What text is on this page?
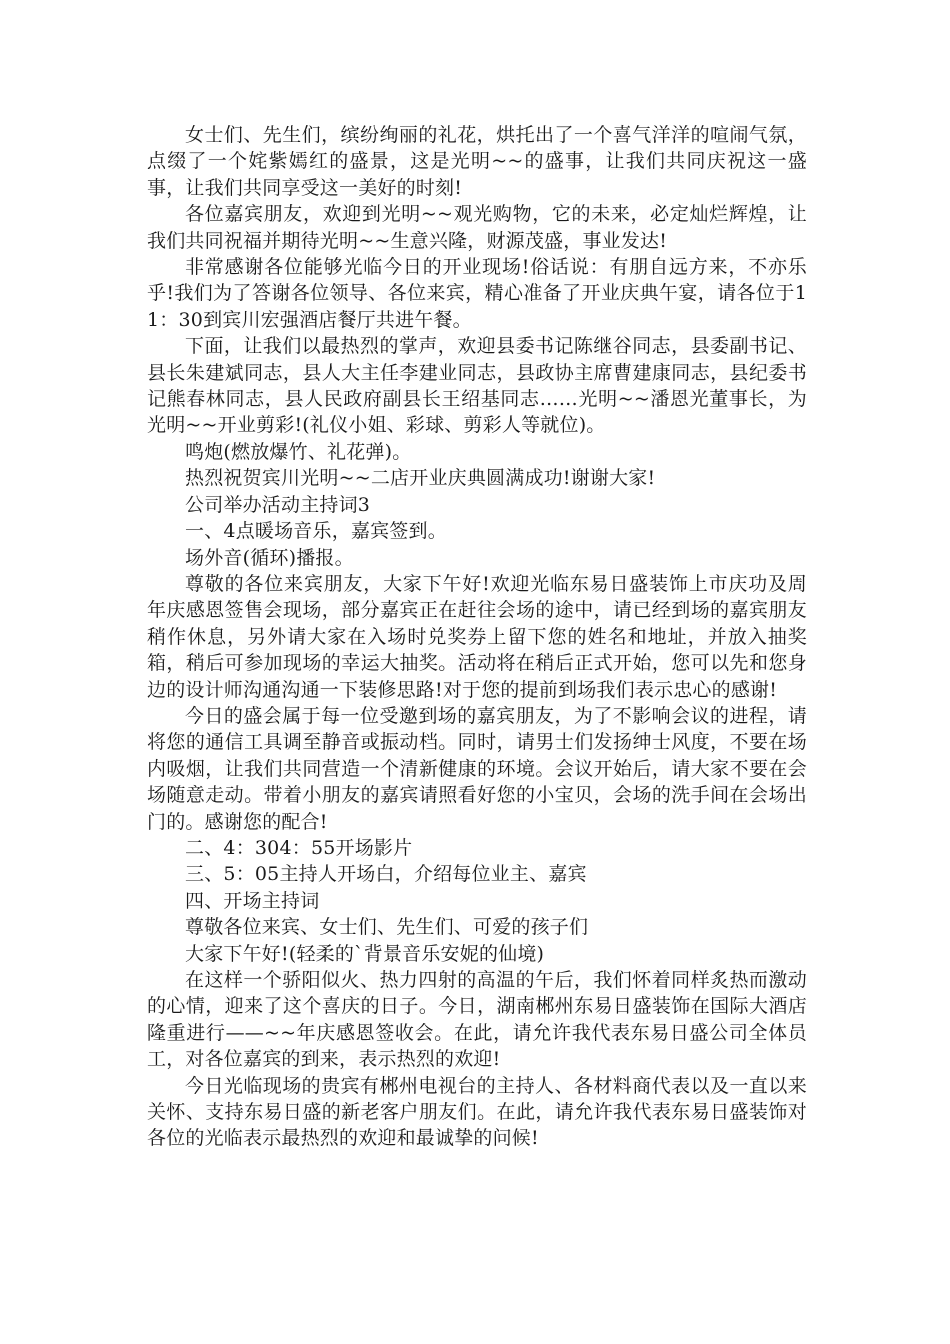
女士们、先生们，缤纷绚丽的礼花，烘托出了一个喜气洋洋的喧闹气氛，点缀了一个姹紫嫣红的盛景，这是光明~~的盛事，让我们共同庆祝这一盛事，让我们共同享受这一美好的时刻!

各位嘉宾朋友，欢迎到光明~~观光购物，它的未来，必定灿烂辉煌，让我们共同祝福并期待光明~~生意兴隆，财源茂盛，事业发达!

非常感谢各位能够光临今日的开业现场!俗话说：有朋自远方来，不亦乐乎!我们为了答谢各位领导、各位来宾，精心准备了开业庆典午宴，请各位于11：30到宾川宏强酒店餐厅共进午餐。

下面，让我们以最热烈的掌声，欢迎县委书记陈继谷同志，县委副书记、县长朱建斌同志，县人大主任李建业同志，县政协主席曹建康同志，县纪委书记熊春林同志，县人民政府副县长王绍基同志……光明~~潘恩光董事长，为光明~~开业剪彩!(礼仪小姐、彩球、剪彩人等就位)。

鸣炮(燃放爆竹、礼花弹)。

热烈祝贺宾川光明~~二店开业庆典圆满成功!谢谢大家!

公司举办活动主持词3

一、4点暖场音乐，嘉宾签到。

场外音(循环)播报。

尊敬的各位来宾朋友，大家下午好!欢迎光临东易日盛装饰上市庆功及周年庆感恩签售会现场，部分嘉宾正在赶往会场的途中，请已经到场的嘉宾朋友稍作休息，另外请大家在入场时兑奖券上留下您的姓名和地址，并放入抽奖箱，稍后可参加现场的幸运大抽奖。活动将在稍后正式开始，您可以先和您身边的设计师沟通沟通一下装修思路!对于您的提前到场我们表示忠心的感谢!

今日的盛会属于每一位受邀到场的嘉宾朋友，为了不影响会议的进程，请将您的通信工具调至静音或振动档。同时，请男士们发扬绅士风度，不要在场内吸烟，让我们共同营造一个清新健康的环境。会议开始后，请大家不要在会场随意走动。带着小朋友的嘉宾请照看好您的小宝贝，会场的洗手间在会场出门的。感谢您的配合!

二、4：304：55开场影片

三、5：05主持人开场白，介绍每位业主、嘉宾

四、开场主持词

尊敬各位来宾、女士们、先生们、可爱的孩子们

大家下午好!(轻柔的`背景音乐安妮的仙境)

在这样一个骄阳似火、热力四射的高温的午后，我们怀着同样炙热而激动的心情，迎来了这个喜庆的日子。今日，湖南郴州东易日盛装饰在国际大酒店隆重进行——~~年庆感恩签收会。在此，请允许我代表东易日盛公司全体员工，对各位嘉宾的到来，表示热烈的欢迎!

今日光临现场的贵宾有郴州电视台的主持人、各材料商代表以及一直以来关怀、支持东易日盛的新老客户朋友们。在此，请允许我代表东易日盛装饰对各位的光临表示最热烈的欢迎和最诚挚的问候!
